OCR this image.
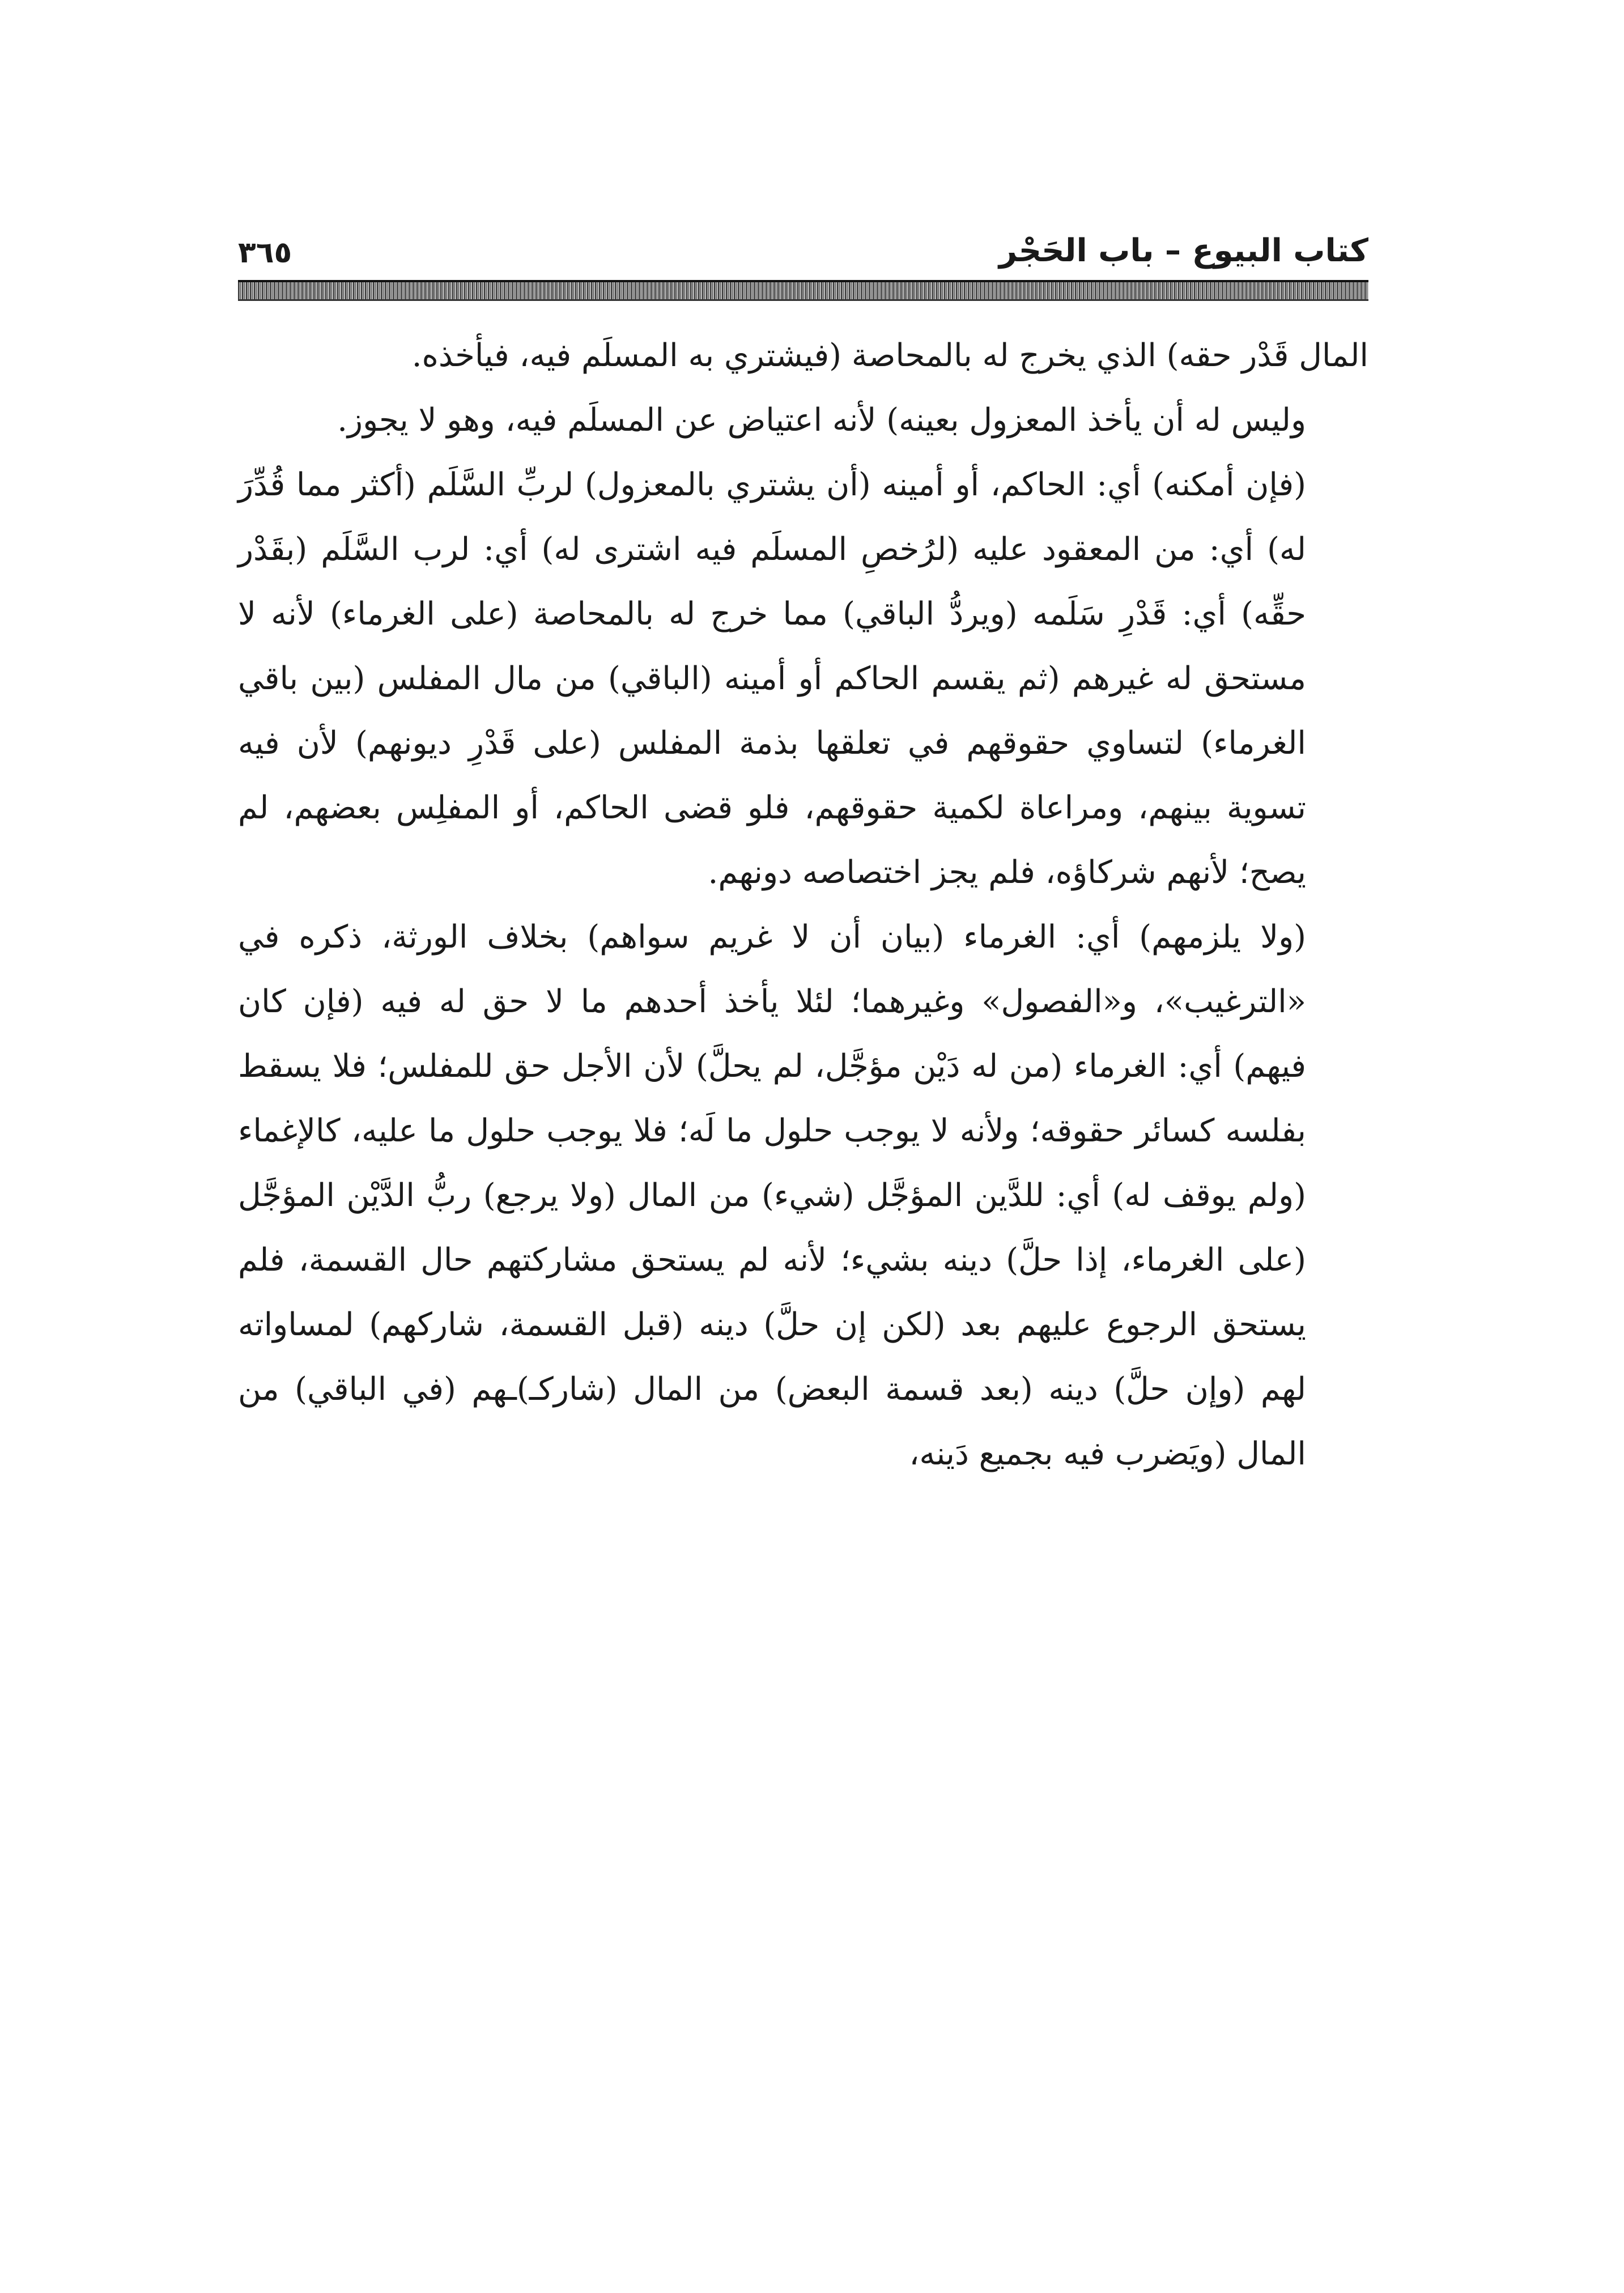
كتاب البيوع – باب الحَجْر
٣٦٥

المال قَدْر حقه) الذي يخرج له بالمحاصة (فيشتري به المسلَم فيه، فيأخذه.

وليس له أن يأخذ المعزول بعينه) لأنه اعتياض عن المسلَم فيه، وهو لا يجوز.

(فإن أمكنه) أي: الحاكم، أو أمينه (أن يشتري بالمعزول) لربِّ السَّلَم (أكثر مما قُدِّرَ له) أي: من المعقود عليه (لرُخصِ المسلَم فيه اشترى له) أي: لرب السَّلَم (بقَدْر حقِّه) أي: قَدْرِ سَلَمه (ويردُّ الباقي) مما خرج له بالمحاصة (على الغرماء) لأنه لا مستحق له غيرهم (ثم يقسم الحاكم أو أمينه (الباقي) من مال المفلس (بين باقي الغرماء) لتساوي حقوقهم في تعلقها بذمة المفلس (على قَدْرِ ديونهم) لأن فيه تسوية بينهم، ومراعاة لكمية حقوقهم، فلو قضى الحاكم، أو المفلِس بعضهم، لم يصح؛ لأنهم شركاؤه، فلم يجز اختصاصه دونهم.

(ولا يلزمهم) أي: الغرماء (بيان أن لا غريم سواهم) بخلاف الورثة، ذكره في «الترغيب»، و«الفصول» وغيرهما؛ لئلا يأخذ أحدهم ما لا حق له فيه (فإن كان فيهم) أي: الغرماء (من له دَيْن مؤجَّل، لم يحلَّ) لأن الأجل حق للمفلس؛ فلا يسقط بفلسه كسائر حقوقه؛ ولأنه لا يوجب حلول ما لَه؛ فلا يوجب حلول ما عليه، كالإغماء (ولم يوقف له) أي: للدَّين المؤجَّل (شيء) من المال (ولا يرجع) ربُّ الدَّيْن المؤجَّل (على الغرماء، إذا حلَّ) دينه بشيء؛ لأنه لم يستحق مشاركتهم حال القسمة، فلم يستحق الرجوع عليهم بعد (لكن إن حلَّ) دينه (قبل القسمة، شاركهم) لمساواته لهم (وإن حلَّ) دينه (بعد قسمة البعض) من المال (شاركـ)ـهم (في الباقي) من المال (ويَضرب فيه بجميع دَينه،
